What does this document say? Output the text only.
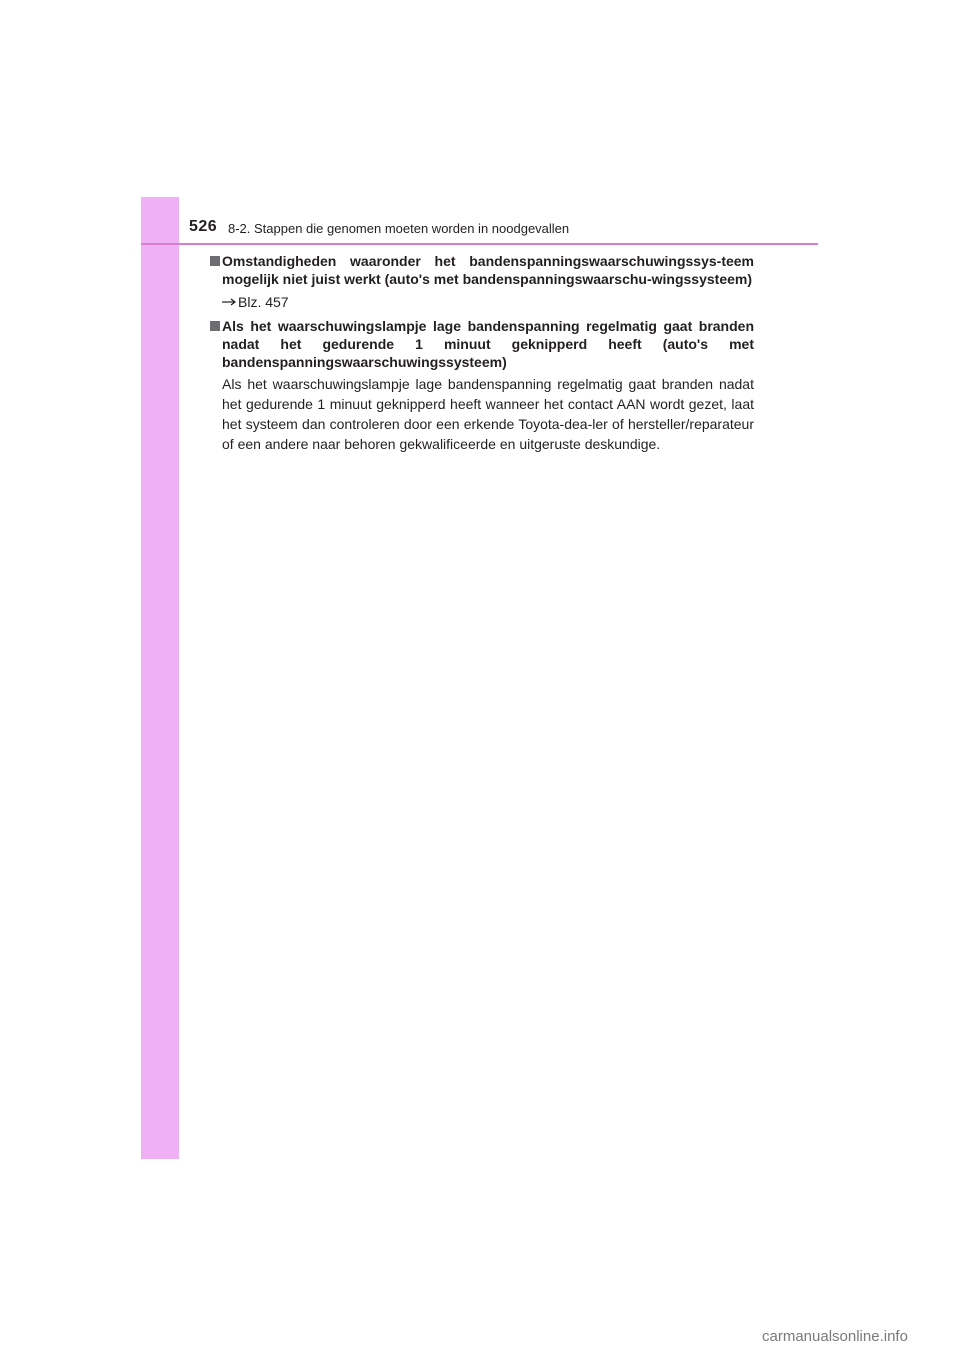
526 8-2. Stappen die genomen moeten worden in noodgevallen

Omstandigheden waaronder het bandenspanningswaarschuwingssys-teem mogelijk niet juist werkt (auto's met bandenspanningswaarschu-wingssysteem)

Blz. 457

Als het waarschuwingslampje lage bandenspanning regelmatig gaat branden nadat het gedurende 1 minuut geknipperd heeft (auto's met bandenspanningswaarschuwingssysteem)

Als het waarschuwingslampje lage bandenspanning regelmatig gaat branden nadat het gedurende 1 minuut geknipperd heeft wanneer het contact AAN wordt gezet, laat het systeem dan controleren door een erkende Toyota-dea-ler of hersteller/reparateur of een andere naar behoren gekwalificeerde en uitgeruste deskundige.

carmanualsonline.info
